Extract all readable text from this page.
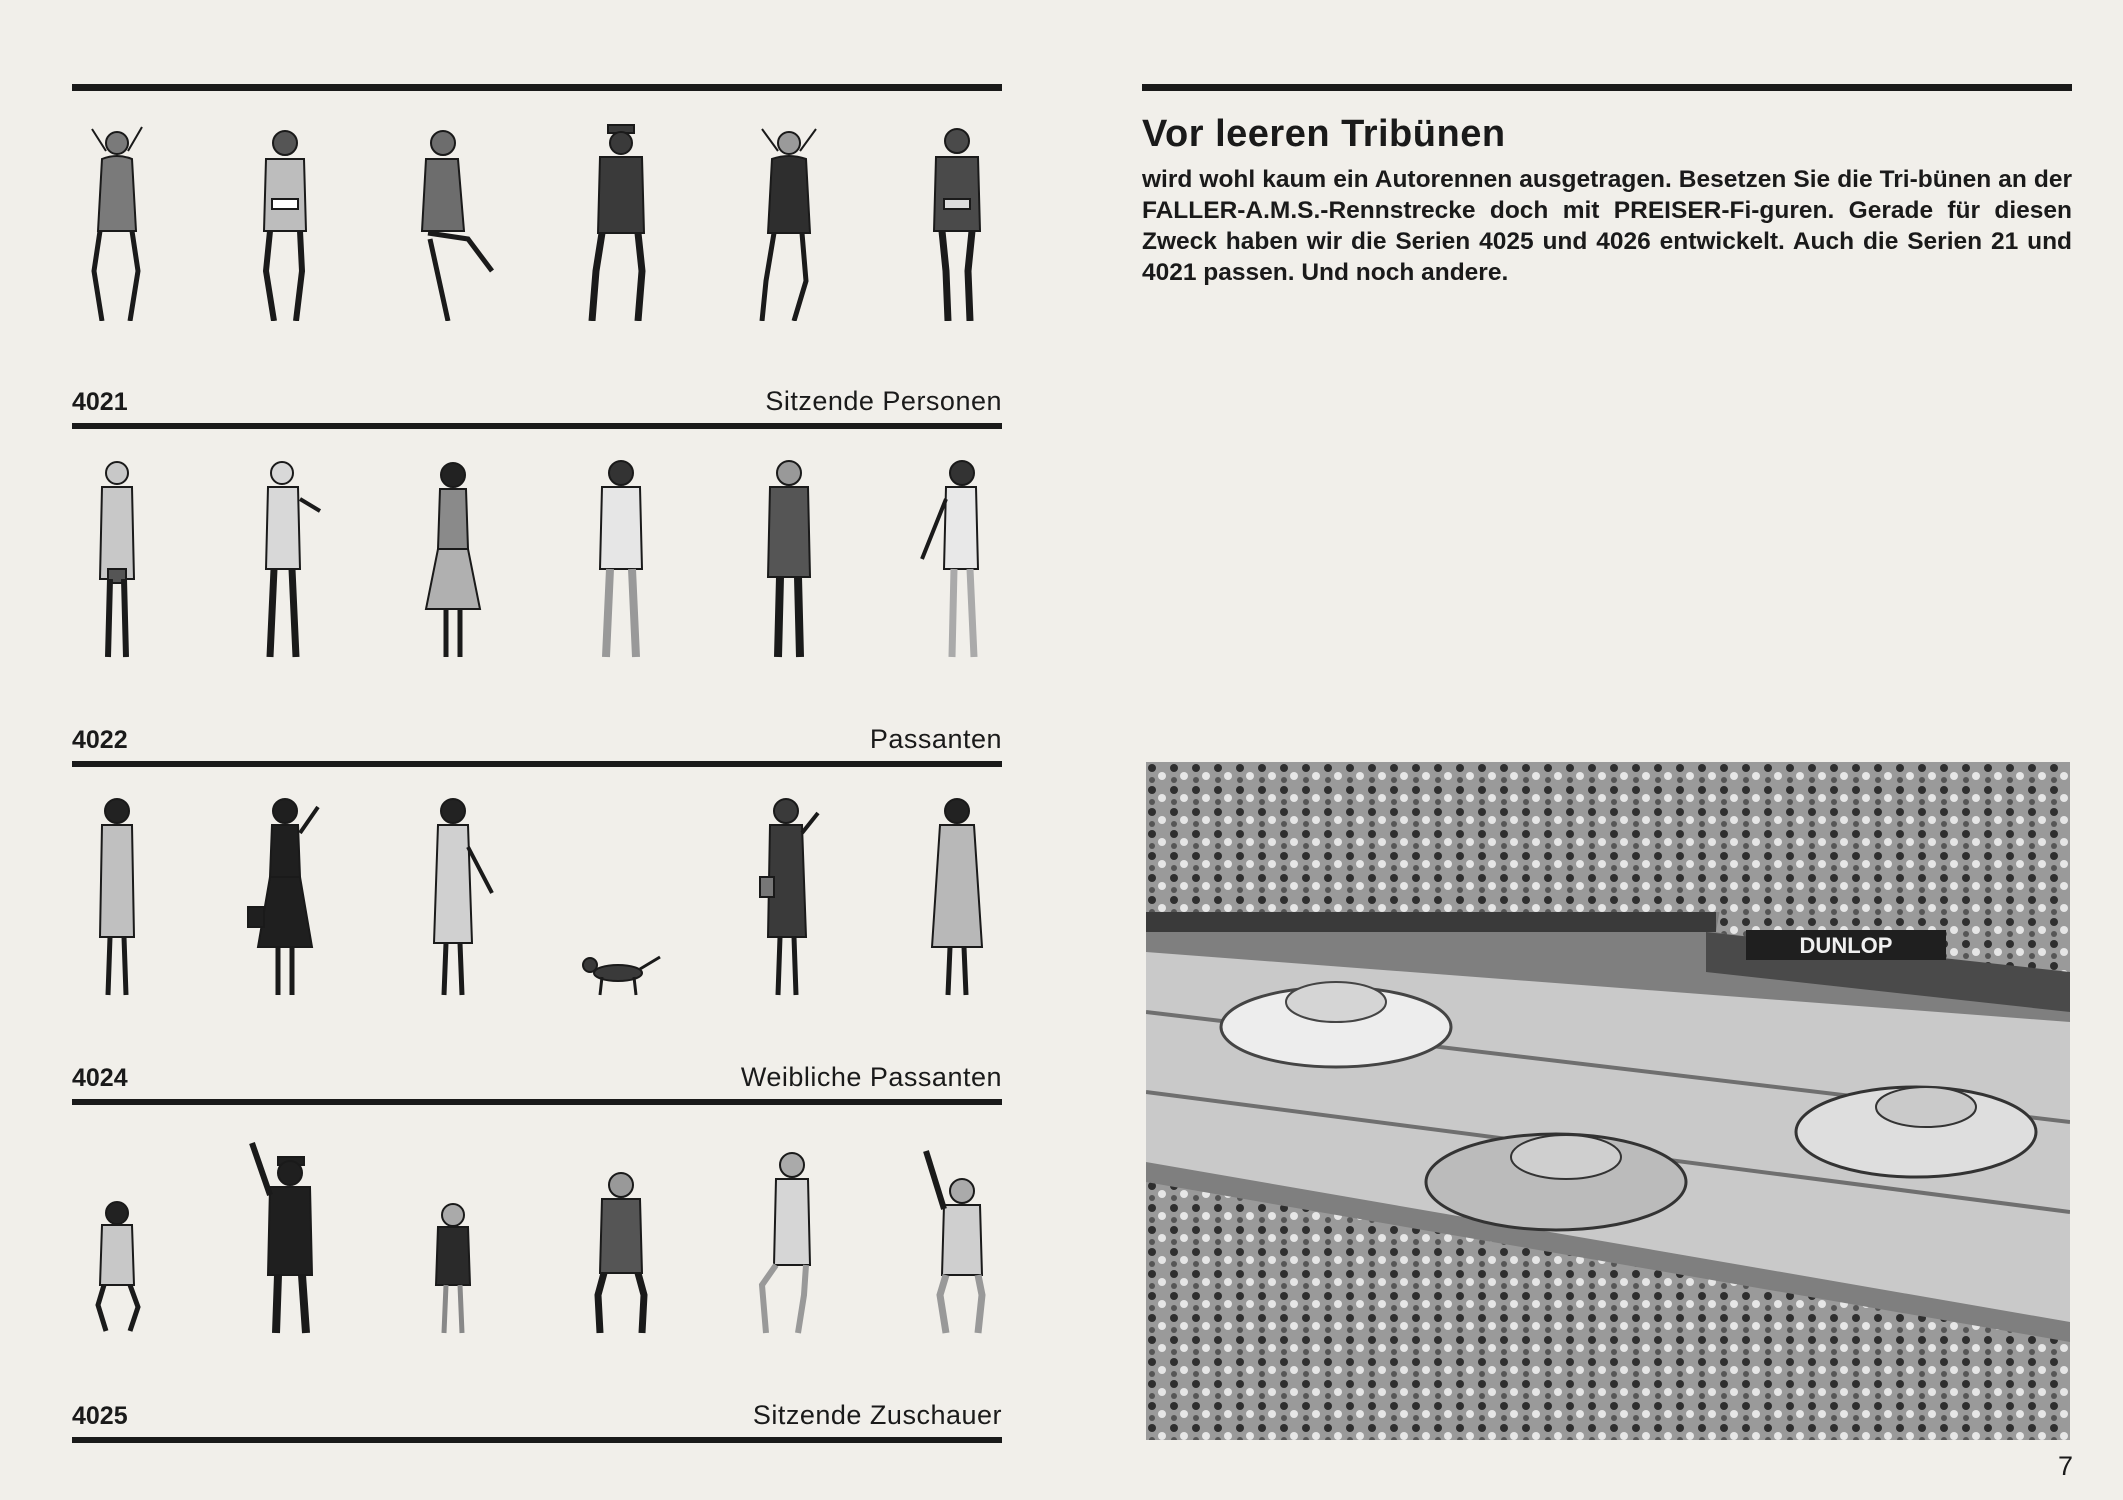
4021	Sitzende Personen
4022	Passanten
4024	Weibliche Passanten
4025	Sitzende Zuschauer
Vor leeren Tribünen
wird wohl kaum ein Autorennen ausgetragen. Besetzen Sie die Tri-bünen an der FALLER-A.M.S.-Rennstrecke doch mit PREISER-Fi-guren. Gerade für diesen Zweck haben wir die Serien 4025 und 4026 entwickelt. Auch die Serien 21 und 4021 passen. Und noch andere.
DUNLOP
7
